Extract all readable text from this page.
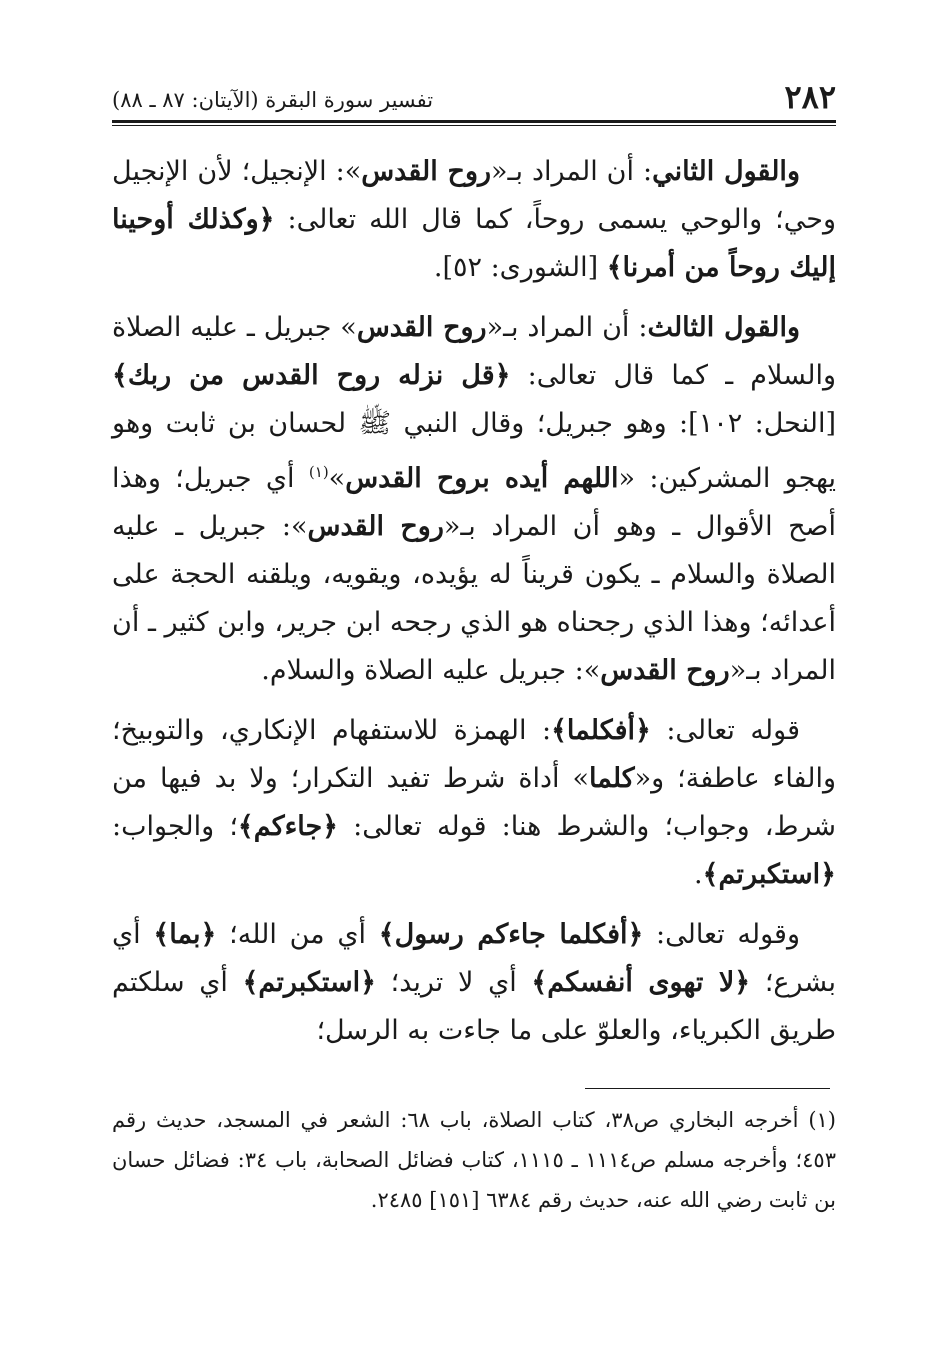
٢٨٢
تفسير سورة البقرة (الآيتان: ٨٧ ـ ٨٨)

والقول الثاني: أن المراد بـ«روح القدس»: الإنجيل؛ لأن الإنجيل وحي؛ والوحي يسمى روحاً، كما قال الله تعالى: ﴿وكذلك أوحينا إليك روحاً من أمرنا﴾ [الشورى: ٥٢].

والقول الثالث: أن المراد بـ«روح القدس» جبريل ـ عليه الصلاة والسلام ـ كما قال تعالى: ﴿قل نزله روح القدس من ربك﴾ [النحل: ١٠٢]: وهو جبريل؛ وقال النبي ﷺ لحسان بن ثابت وهو يهجو المشركين: «اللهم أيده بروح القدس»$^{(١)}$ أي جبريل؛ وهذا أصح الأقوال ـ وهو أن المراد بـ«روح القدس»: جبريل ـ عليه الصلاة والسلام ـ يكون قريناً له يؤيده، ويقويه، ويلقنه الحجة على أعدائه؛ وهذا الذي رجحناه هو الذي رجحه ابن جرير، وابن كثير ـ أن المراد بـ«روح القدس»: جبريل عليه الصلاة والسلام.

قوله تعالى: ﴿أفكلما﴾: الهمزة للاستفهام الإنكاري، والتوبيخ؛ والفاء عاطفة؛ و«كلما» أداة شرط تفيد التكرار؛ ولا بد فيها من شرط، وجواب؛ والشرط هنا: قوله تعالى: ﴿جاءكم﴾؛ والجواب: ﴿استكبرتم﴾.

وقوله تعالى: ﴿أفكلما جاءكم رسول﴾ أي من الله؛ ﴿بما﴾ أي بشرع؛ ﴿لا تهوى أنفسكم﴾ أي لا تريد؛ ﴿استكبرتم﴾ أي سلكتم طريق الكبرياء، والعلوّ على ما جاءت به الرسل؛

(١) أخرجه البخاري ص٣٨، كتاب الصلاة، باب ٦٨: الشعر في المسجد، حديث رقم ٤٥٣؛ وأخرجه مسلم ص١١١٤ ـ ١١١٥، كتاب فضائل الصحابة، باب ٣٤: فضائل حسان بن ثابت رضي الله عنه، حديث رقم ٦٣٨٤ [١٥١] ٢٤٨٥.
